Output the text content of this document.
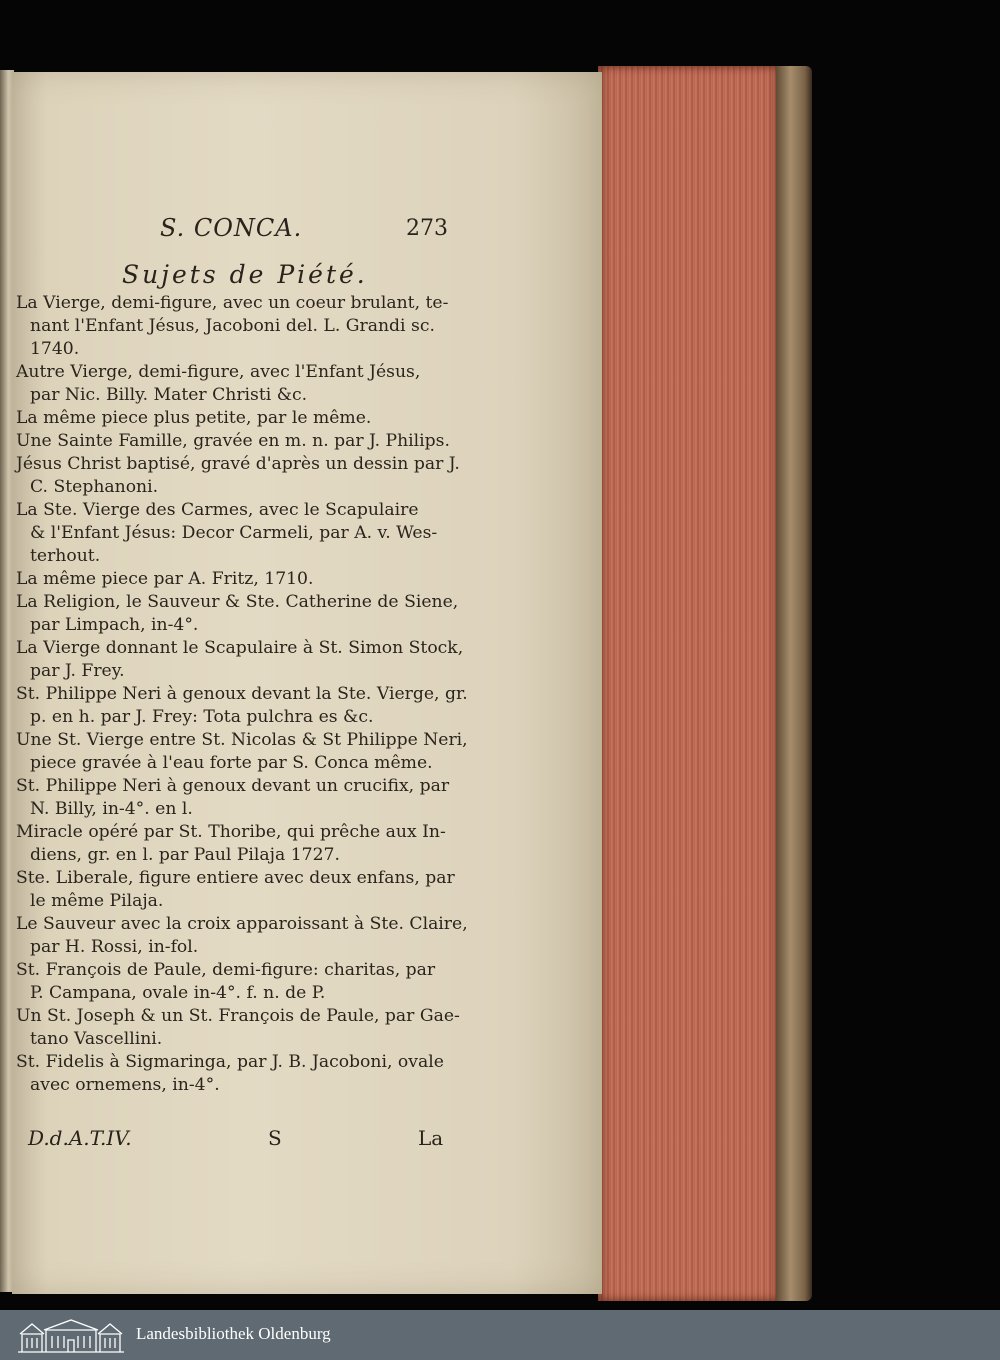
S. CONCA.	273
Sujets de Piété.
La Vierge, demi-figure, avec un coeur brulant, te-
nant l'Enfant Jésus, Jacoboni del. L. Grandi sc.
1740.
Autre Vierge, demi-figure, avec l'Enfant Jésus,
par Nic. Billy. Mater Christi &c.
La même piece plus petite, par le même.
Une Sainte Famille, gravée en m. n. par J. Philips.
Jésus Christ baptisé, gravé d'après un dessin par J.
C. Stephanoni.
La Ste. Vierge des Carmes, avec le Scapulaire
& l'Enfant Jésus: Decor Carmeli, par A. v. Wes-
terhout.
La même piece par A. Fritz, 1710.
La Religion, le Sauveur & Ste. Catherine de Siene,
par Limpach, in-4°.
La Vierge donnant le Scapulaire à St. Simon Stock,
par J. Frey.
St. Philippe Neri à genoux devant la Ste. Vierge, gr.
p. en h. par J. Frey: Tota pulchra es &c.
Une St. Vierge entre St. Nicolas & St Philippe Neri,
piece gravée à l'eau forte par S. Conca même.
St. Philippe Neri à genoux devant un crucifix, par
N. Billy, in-4°. en l.
Miracle opéré par St. Thoribe, qui prêche aux In-
diens, gr. en l. par Paul Pilaja 1727.
Ste. Liberale, figure entiere avec deux enfans, par
le même Pilaja.
Le Sauveur avec la croix apparoissant à Ste. Claire,
par H. Rossi, in-fol.
St. François de Paule, demi-figure: charitas, par
P. Campana, ovale in-4°. f. n. de P.
Un St. Joseph & un St. François de Paule, par Gae-
tano Vascellini.
St. Fidelis à Sigmaringa, par J. B. Jacoboni, ovale
avec ornemens, in-4°.
D.d.A.T.IV.	S	La
Landesbibliothek Oldenburg
